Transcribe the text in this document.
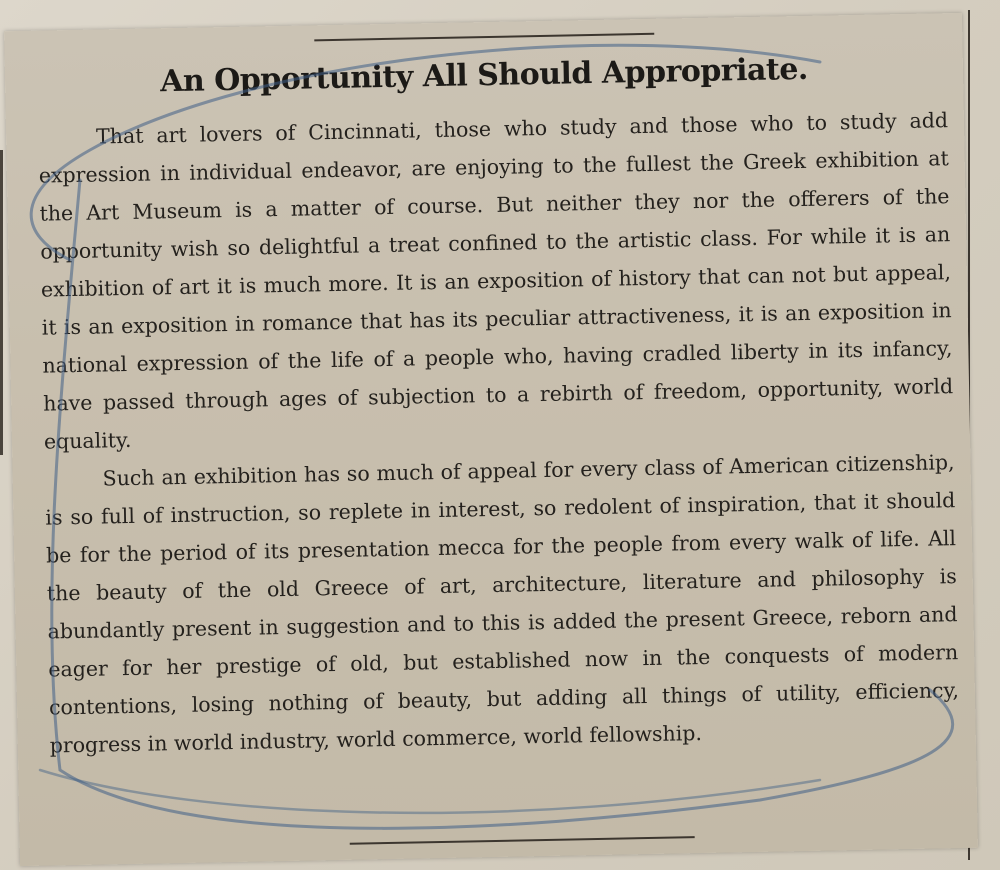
An Opportunity All Should Appropriate.

That art lovers of Cincinnati, those who study and those who to study add expression in individual endeavor, are enjoying to the fullest the Greek exhibition at the Art Museum is a matter of course. But neither they nor the offerers of the opportunity wish so delightful a treat confined to the artistic class. For while it is an exhibition of art it is much more. It is an exposition of history that can not but appeal, it is an exposition in romance that has its peculiar attractiveness, it is an exposition in national expression of the life of a people who, having cradled liberty in its infancy, have passed through ages of subjection to a rebirth of freedom, opportunity, world equality.

Such an exhibition has so much of appeal for every class of American citizenship, is so full of instruction, so replete in interest, so redolent of inspiration, that it should be for the period of its presentation mecca for the people from every walk of life. All the beauty of the old Greece of art, architecture, literature and philosophy is abundantly present in suggestion and to this is added the present Greece, reborn and eager for her prestige of old, but established now in the conquests of modern contentions, losing nothing of beauty, but adding all things of utility, efficiency, progress in world industry, world commerce, world fellowship.
